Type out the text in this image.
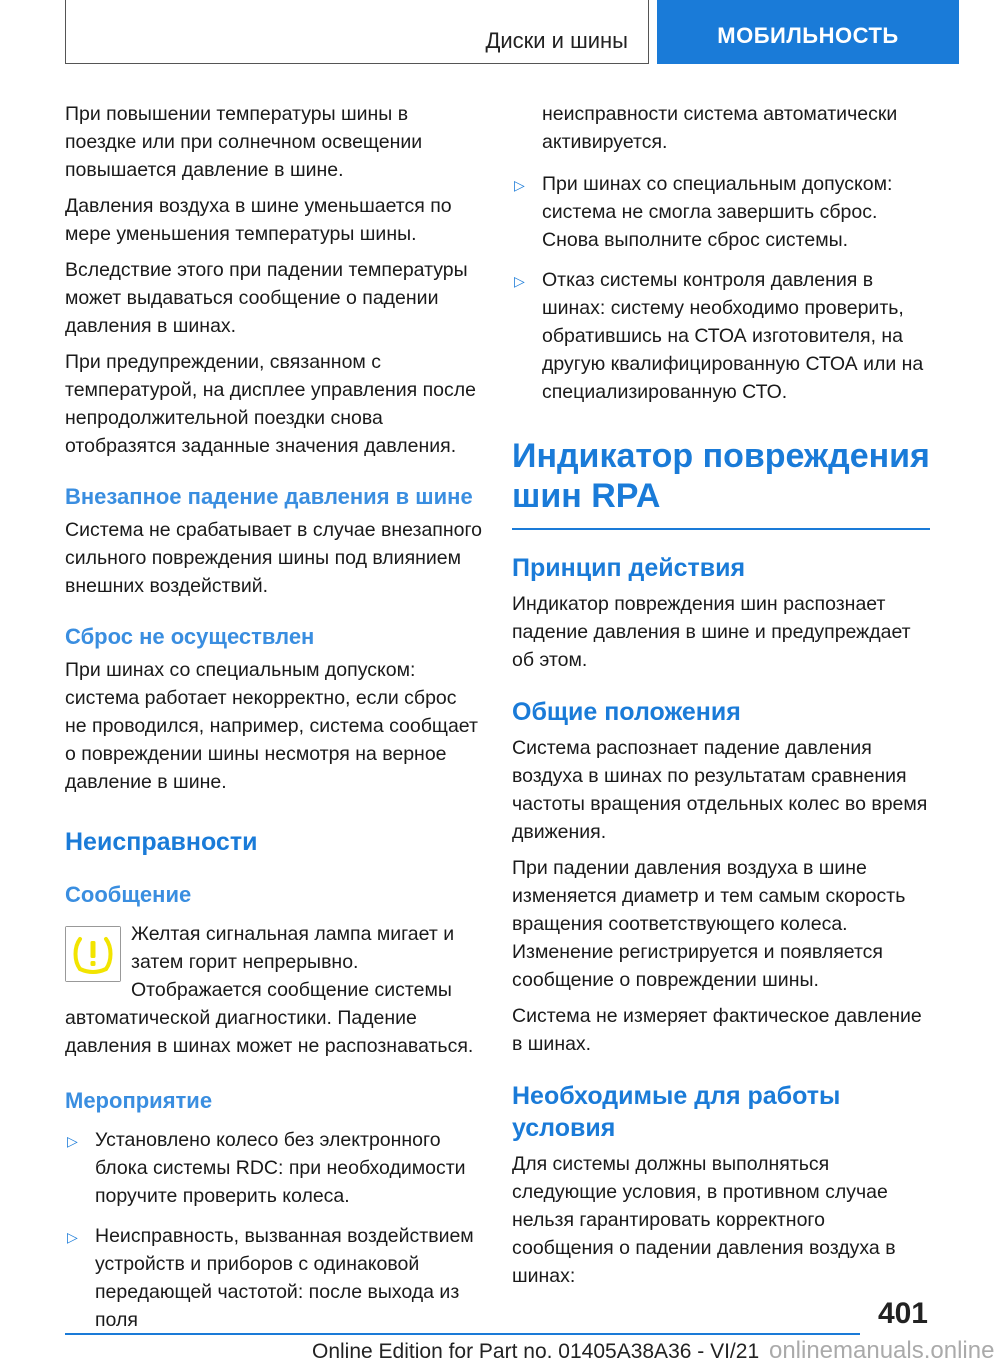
Диски и шины	МОБИЛЬНОСТЬ

При повышении температуры шины в поездке или при солнечном освещении повышается давление в шине.

Давления воздуха в шине уменьшается по мере уменьшения температуры шины.

Вследствие этого при падении температуры может выдаваться сообщение о падении давления в шинах.

При предупреждении, связанном с температурой, на дисплее управления после непродолжительной поездки снова отобразятся заданные значения давления.

Внезапное падение давления в шине

Система не срабатывает в случае внезапного сильного повреждения шины под влиянием внешних воздействий.

Сброс не осуществлен

При шинах со специальным допуском: система работает некорректно, если сброс не проводился, например, система сообщает о повреждении шины несмотря на верное давление в шине.

Неисправности
Сообщение

Желтая сигнальная лампа мигает и затем горит непрерывно. Отображается сообщение системы автоматической диагностики. Падение давления в шинах может не распознаваться.

Мероприятие
▷ Установлено колесо без электронного блока системы RDC: при необходимости поручите проверить колеса.
▷ Неисправность, вызванная воздействием устройств и приборов с одинаковой передающей частотой: после выхода из поля
неисправности система автоматически активируется.
▷ При шинах со специальным допуском: система не смогла завершить сброс. Снова выполните сброс системы.
▷ Отказ системы контроля давления в шинах: систему необходимо проверить, обратившись на СТОА изготовителя, на другую квалифицированную СТОА или на специализированную СТО.
Индикатор повреждения шин RPA
Принцип действия

Индикатор повреждения шин распознает падение давления в шине и предупреждает об этом.

Общие положения

Система распознает падение давления воздуха в шинах по результатам сравнения частоты вращения отдельных колес во время движения.

При падении давления воздуха в шине изменяется диаметр и тем самым скорость вращения соответствующего колеса. Изменение регистрируется и появляется сообщение о повреждении шины.

Система не измеряет фактическое давление в шинах.

Необходимые для работы условия

Для системы должны выполняться следующие условия, в противном случае нельзя гарантировать корректного сообщения о падении давления воздуха в шинах:

401
Online Edition for Part no. 01405A38A36 - VI/21 onlinemanuals.online
